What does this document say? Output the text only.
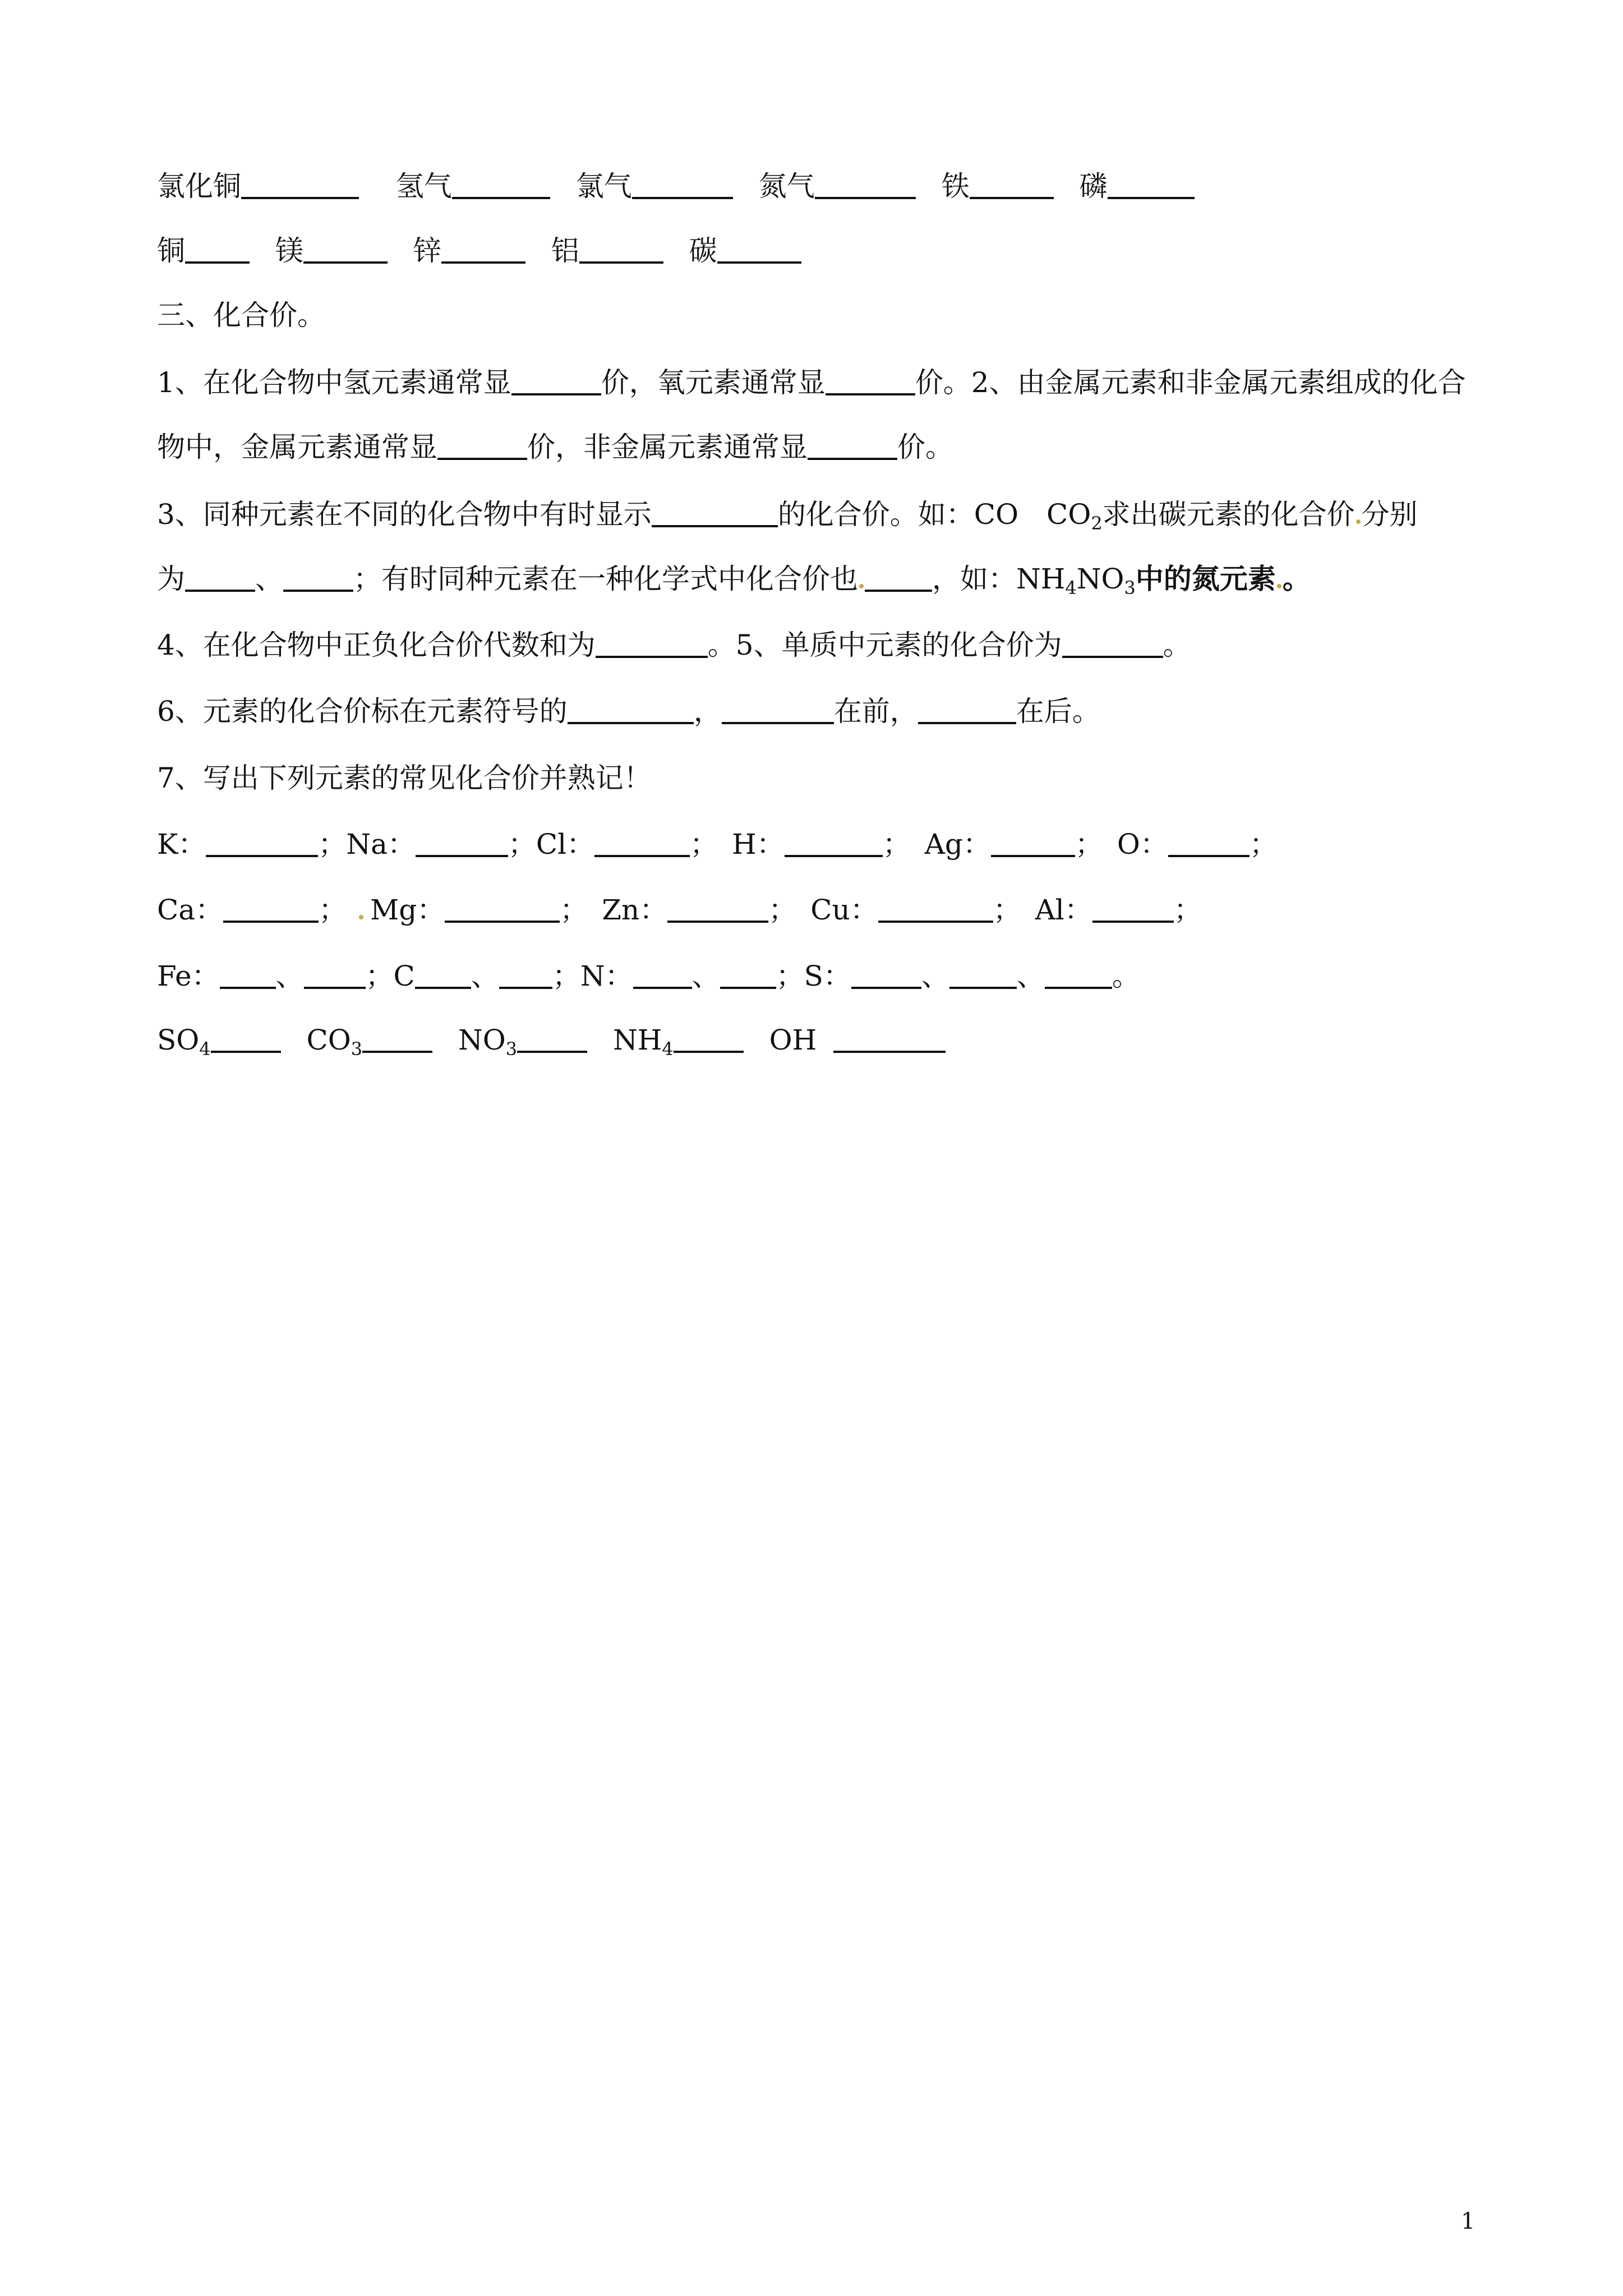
氯化铜	氢气	氯气	氮气	铁	磷
铜	镁	锌	铝	碳
三、化合价。
1、在化合物中氢元素通常显	价，氧元素通常显	价。2、由金属元素和非金属元素组成的化合
物中，金属元素通常显	价，非金属元素通常显	价。
3、同种元素在不同的化合物中有时显示	的化合价。如：CO　$CO_2$求出碳元素的化合价 分别
为	、	；有时同种元素在一种化学式中化合价也	，如：$NH_4NO_3$中的氮元素 。
4、在化合物中正负化合价代数和为	。5、单质中元素的化合价为	。
6、元素的化合价标在元素符号的	，	在前，	在后。
7、写出下列元素的常见化合价并熟记！
K：	；Na：	；Cl：	；　H：	；　Ag：	；　O：	；
Ca：	； Mg：	；　Zn：	；　Cu：	；　Al：	；
Fe： 、 ；C 、 ；N： 、 ；S：	、 、 。
$SO_4$	$CO_3$	$NO_3$	$NH_4$	OH
1
